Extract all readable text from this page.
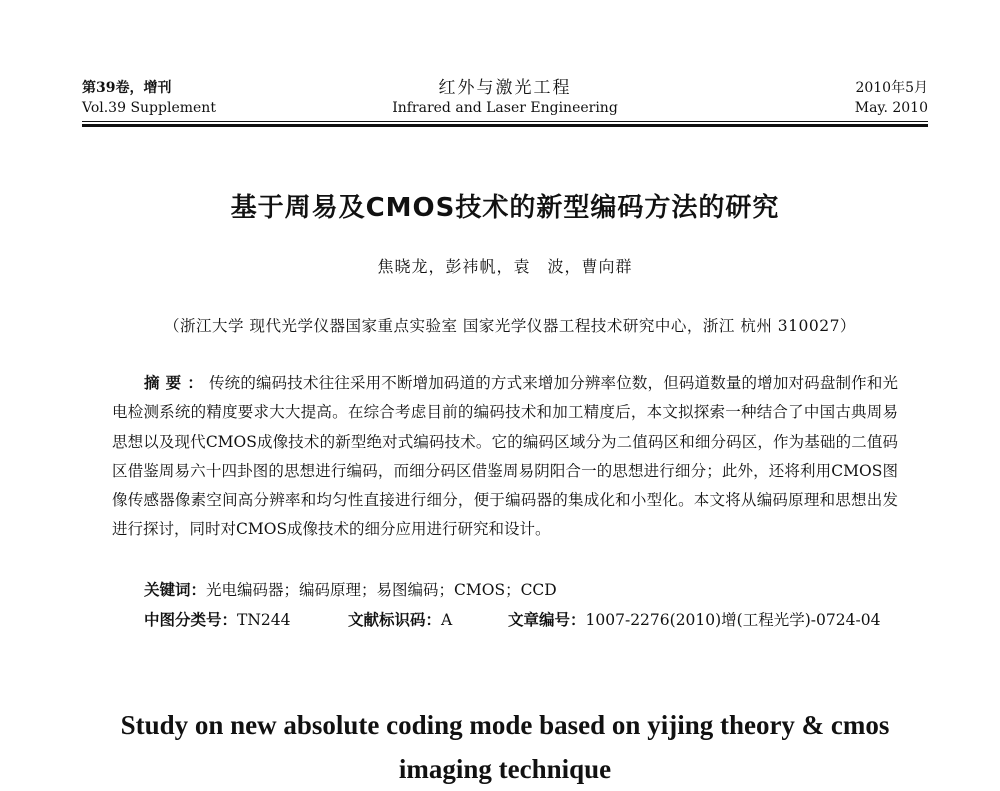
第39卷，增刊
Vol.39 Supplement
红外与激光工程
Infrared and Laser Engineering
2010年5月
May. 2010
基于周易及CMOS技术的新型编码方法的研究
焦晓龙，彭祎帆，袁　波，曹向群
（浙江大学 现代光学仪器国家重点实验室 国家光学仪器工程技术研究中心，浙江 杭州 310027）
摘要：传统的编码技术往往采用不断增加码道的方式来增加分辨率位数，但码道数量的增加对码盘制作和光电检测系统的精度要求大大提高。在综合考虑目前的编码技术和加工精度后，本文拟探索一种结合了中国古典周易思想以及现代CMOS成像技术的新型绝对式编码技术。它的编码区域分为二值码区和细分码区，作为基础的二值码区借鉴周易六十四卦图的思想进行编码，而细分码区借鉴周易阴阳合一的思想进行细分；此外，还将利用CMOS图像传感器像素空间高分辨率和均匀性直接进行细分，便于编码器的集成化和小型化。本文将从编码原理和思想出发进行探讨，同时对CMOS成像技术的细分应用进行研究和设计。
关键词：光电编码器；编码原理；易图编码；CMOS；CCD
中图分类号：TN244	文献标识码：A	文章编号：1007-2276(2010)增(工程光学)-0724-04
Study on new absolute coding mode based on yijing theory & cmos imaging technique
